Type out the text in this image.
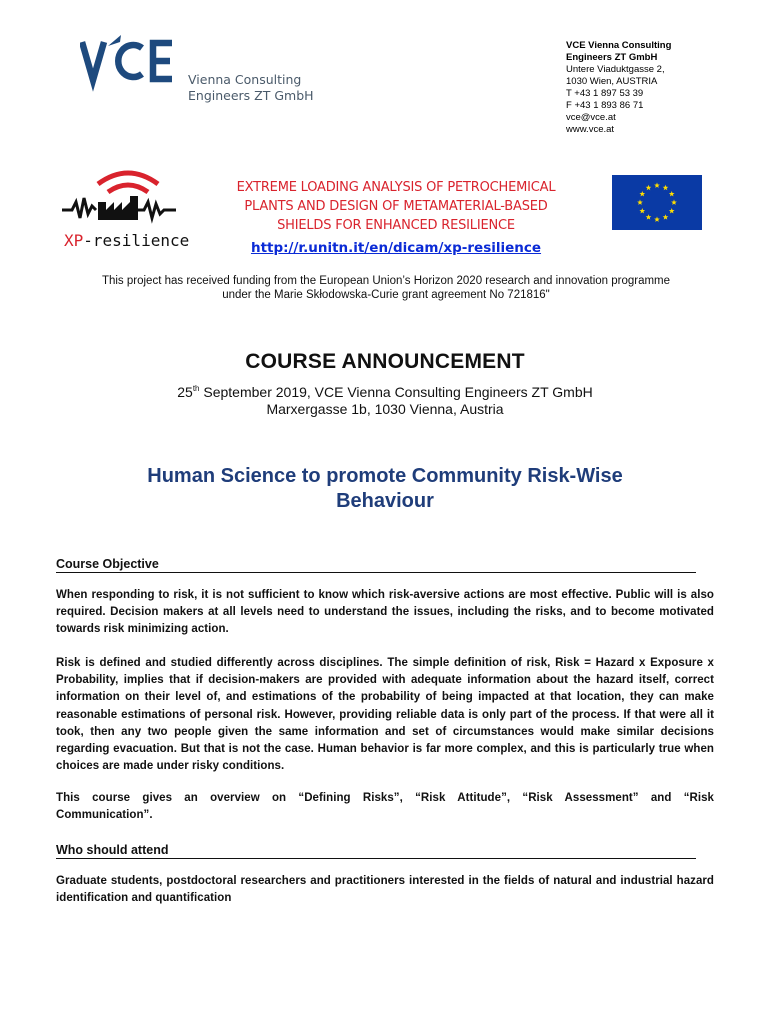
Vienna Consulting
Engineers ZT GmbH
VCE Vienna Consulting
Engineers ZT GmbH
Untere Viaduktgasse 2,
1030 Wien, AUSTRIA
T +43 1 897 53 39
F +43 1 893 86 71
vce@vce.at
www.vce.at
XP-resilience
EXTREME LOADING ANALYSIS OF PETROCHEMICAL
PLANTS AND DESIGN OF METAMATERIAL-BASED
SHIELDS FOR ENHANCED RESILIENCE
http://r.unitn.it/en/dicam/xp-resilience
This project has received funding from the European Union’s Horizon 2020 research and innovation programme
under the Marie Skłodowska-Curie grant agreement No 721816"
COURSE ANNOUNCEMENT
25th September 2019, VCE Vienna Consulting Engineers ZT GmbH
Marxergasse 1b, 1030 Vienna, Austria
Human Science to promote Community Risk-Wise
Behaviour
Course Objective
When responding to risk, it is not sufficient to know which risk-aversive actions are most effective. Public will is also required. Decision makers at all levels need to understand the issues, including the risks, and to become motivated towards risk minimizing action.
Risk is defined and studied differently across disciplines. The simple definition of risk, Risk = Hazard x Exposure x Probability, implies that if decision-makers are provided with adequate information about the hazard itself, correct information on their level of, and estimations of the probability of being impacted at that location, they can make reasonable estimations of personal risk. However, providing reliable data is only part of the process. If that were all it took, then any two people given the same information and set of circumstances would make similar decisions regarding evacuation. But that is not the case. Human behavior is far more complex, and this is particularly true when choices are made under risky conditions.
This course gives an overview on “Defining Risks”, “Risk Attitude”, “Risk Assessment” and “Risk Communication”.
Who should attend
Graduate students, postdoctoral researchers and practitioners interested in the fields of natural and industrial hazard identification and quantification
